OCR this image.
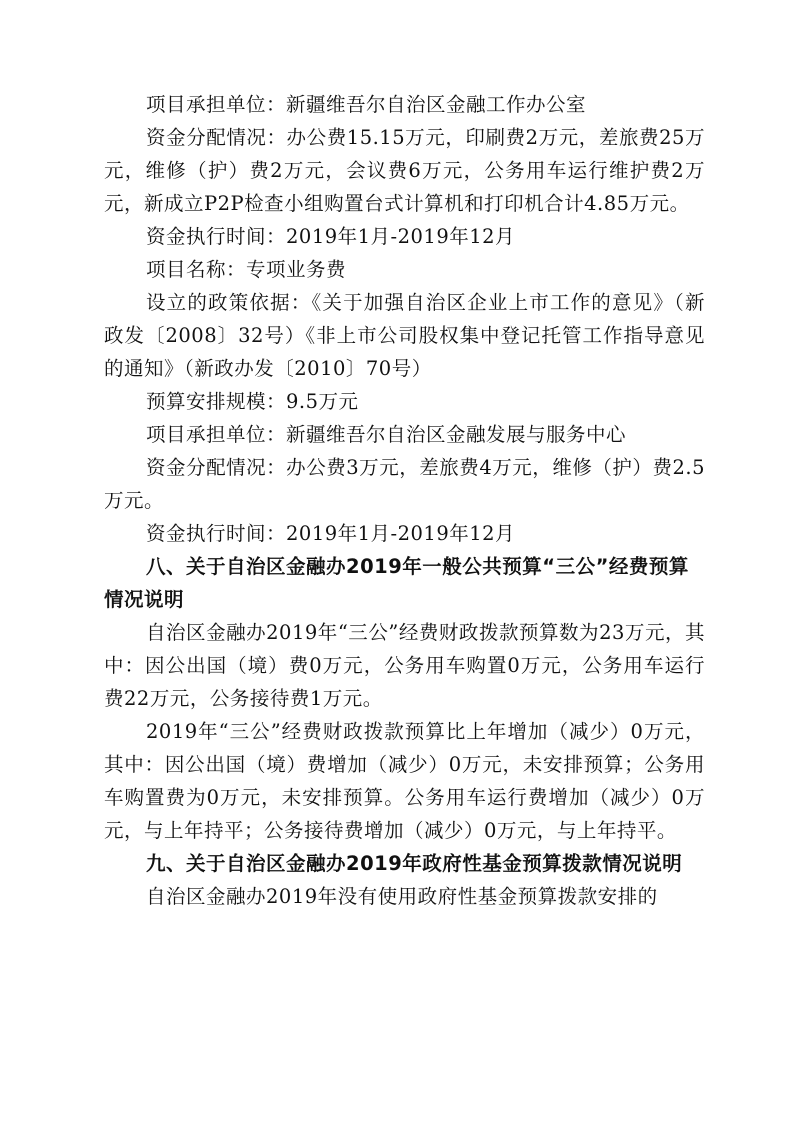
项目承担单位：新疆维吾尔自治区金融工作办公室

资金分配情况：办公费15.15万元，印刷费2万元，差旅费25万元，维修（护）费2万元，会议费6万元，公务用车运行维护费2万元，新成立P2P检查小组购置台式计算机和打印机合计4.85万元。

资金执行时间：2019年1月-2019年12月

项目名称：专项业务费

设立的政策依据：《关于加强自治区企业上市工作的意见》（新政发〔2008〕32号）《非上市公司股权集中登记托管工作指导意见的通知》（新政办发〔2010〕70号）

预算安排规模：9.5万元

项目承担单位：新疆维吾尔自治区金融发展与服务中心

资金分配情况：办公费3万元，差旅费4万元，维修（护）费2.5万元。

资金执行时间：2019年1月-2019年12月

八、关于自治区金融办2019年一般公共预算“三公”经费预算情况说明

自治区金融办2019年“三公”经费财政拨款预算数为23万元，其中：因公出国（境）费0万元，公务用车购置0万元，公务用车运行费22万元，公务接待费1万元。

2019年“三公”经费财政拨款预算比上年增加（减少）0万元，其中：因公出国（境）费增加（减少）0万元，未安排预算；公务用车购置费为0万元，未安排预算。公务用车运行费增加（减少）0万元，与上年持平；公务接待费增加（减少）0万元，与上年持平。

九、关于自治区金融办2019年政府性基金预算拨款情况说明

自治区金融办2019年没有使用政府性基金预算拨款安排的
